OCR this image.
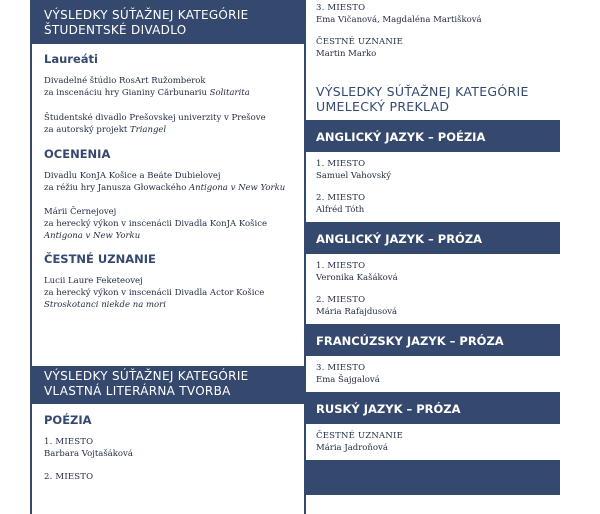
VÝSLEDKY SÚŤAŽNEJ KATEGÓRIE
ŠTUDENTSKÉ DIVADLO
Laureáti
Divadelné štúdio RosArt Ružomberok
za inscenáciu hry Gianiny Cărbunariu Solitarita
Študentské divadlo Prešovskej univerzity v Prešove
za autorský projekt Triangel
OCENENIA
Divadlu KonJA Košice a Beáte Dubielovej
za réžiu hry Janusza Głowackého Antigona v New Yorku
Márii Černejovej
za herecký výkon v inscenácii Divadla KonJA Košice
Antigona v New Yorku
ČESTNÉ UZNANIE
Lucii Laure Feketeovej
za herecký výkon v inscenácii Divadla Actor Košice
Stroskotanci niekde na mori
VÝSLEDKY SÚŤAŽNEJ KATEGÓRIE
VLASTNÁ LITERÁRNA TVORBA
POÉZIA
1. MIESTO
Barbara Vojtašáková
2. MIESTO
3. MIESTO
Ema Vičanová, Magdaléna Martišková
ČESTNÉ UZNANIE
Martin Marko
VÝSLEDKY SÚŤAŽNEJ KATEGÓRIE
UMELECKÝ PREKLAD
ANGLICKÝ JAZYK – POÉZIA
1. MIESTO
Samuel Vahovský
2. MIESTO
Alfréd Tóth
ANGLICKÝ JAZYK – PRÓZA
1. MIESTO
Veronika Kašáková
2. MIESTO
Mária Rafajdusová
FRANCÚZSKY JAZYK – PRÓZA
3. MIESTO
Ema Šajgalová
RUSKÝ JAZYK – PRÓZA
ČESTNÉ UZNANIE
Mária Jadroňová
